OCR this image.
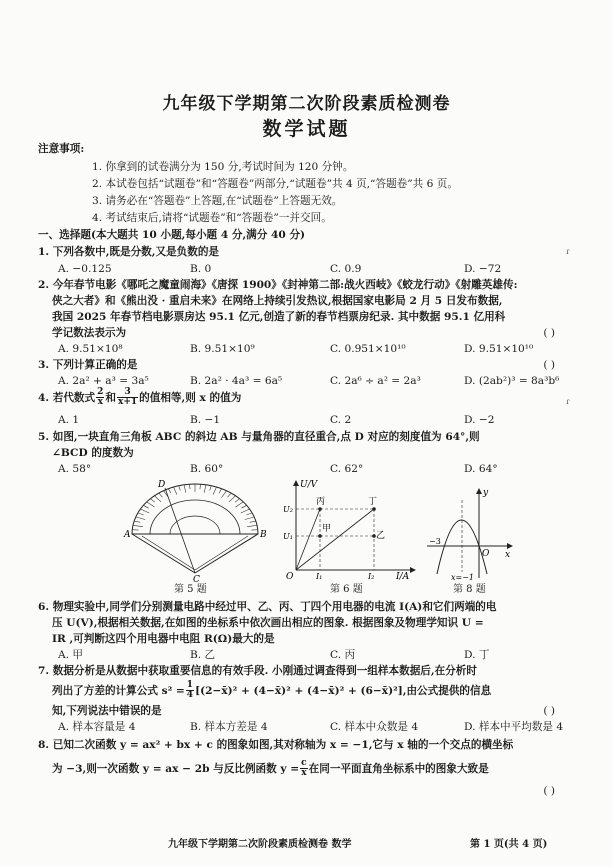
九年级下学期第二次阶段素质检测卷
数学试题
注意事项:
1. 你拿到的试卷满分为 150 分,考试时间为 120 分钟。
2. 本试卷包括“试题卷”和“答题卷”两部分,“试题卷”共 4 页,“答题卷”共 6 页。
3. 请务必在“答题卷”上答题,在“试题卷”上答题无效。
4. 考试结束后,请将“试题卷”和“答题卷”一并交回。
一、选择题(本大题共 10 小题,每小题 4 分,满分 40 分)
1. 下列各数中,既是分数,又是负数的是	ɾ
A. −0.125	B. 0	C. 0.9	D. −72
2. 今年春节电影《哪吒之魔童闹海》《唐探 1900》《封神第二部:战火西岐》《蛟龙行动》《射雕英雄传:
侠之大者》和《熊出没 · 重启未来》在网络上持续引发热议,根据国家电影局 2 月 5 日发布数据,
我国 2025 年春节档电影票房达 95.1 亿元,创造了新的春节档票房纪录. 其中数据 95.1 亿用科
学记数法表示为	( )
A. 9.51×10⁸	B. 9.51×10⁹	C. 0.951×10¹⁰	D. 9.51×10¹⁰
3. 下列计算正确的是	( )
A. 2a² + a³ = 3a⁵	B. 2a² · 4a³ = 6a⁵	C. 2a⁶ ÷ a² = 2a³	D. (2ab²)³ = 8a³b⁶
4. 若代数式 $\frac{2}{x}$ 和 $\frac{3}{x+1}$ 的值相等,则 x 的值为	ɾ
A. 1	B. −1	C. 2	D. −2
5. 如图,一块直角三角板 ABC 的斜边 AB 与量角器的直径重合,点 D 对应的刻度值为 64°,则
∠BCD 的度数为
A. 58°	B. 60°	C. 62°	D. 64°
A	B
C
D
第 5 题
U/V
I/A
O
U₂
U₁
I₁	I₂
丙
甲
丁
乙
第 6 题
y
x
O
−3
x=−1
第 8 题
6. 物理实验中,同学们分别测量电路中经过甲、乙、丙、丁四个用电器的电流 I(A)和它们两端的电
压 U(V),根据相关数据,在如图的坐标系中依次画出相应的图象. 根据图象及物理学知识 U =
IR ,可判断这四个用电器中电阻 R(Ω)最大的是
A. 甲	B. 乙	C. 丙	D. 丁
7. 数据分析是从数据中获取重要信息的有效手段. 小刚通过调查得到一组样本数据后,在分析时
列出了方差的计算公式 $s^2 = \frac{1}{4}$ [(2−x̄)² + (4−x̄)² + (4−x̄)² + (6−x̄)²],由公式提供的信息
知,下列说法中错误的是	( )
A. 样本容量是 4	B. 样本方差是 4	C. 样本中众数是 4	D. 样本中平均数是 4
8. 已知二次函数 y = ax² + bx + c 的图象如图,其对称轴为 x = −1,它与 x 轴的一个交点的横坐标
为 −3,则一次函数 y = ax − 2b 与反比例函数 $y = \frac{c}{x}$ 在同一平面直角坐标系中的图象大致是
( )
九年级下学期第二次阶段素质检测卷 数学	第 1 页(共 4 页)
